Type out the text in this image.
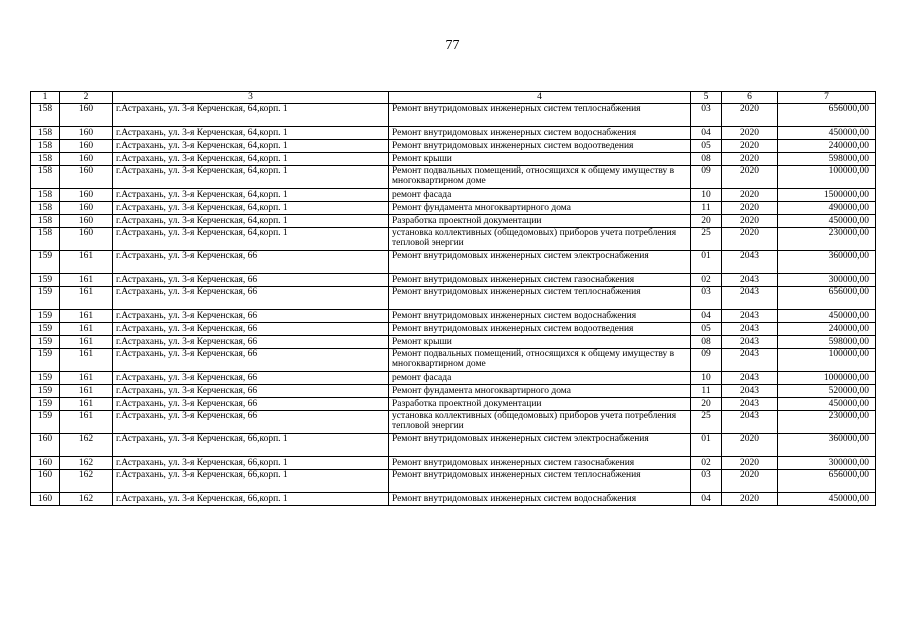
77
1	2	3	4	5	6	7
158	160	г.Астрахань, ул. 3-я Керченская, 64,корп. 1	Ремонт внутридомовых инженерных систем теплоснабжения	03	2020	656000,00
158	160	г.Астрахань, ул. 3-я Керченская, 64,корп. 1	Ремонт внутридомовых инженерных систем водоснабжения	04	2020	450000,00
158	160	г.Астрахань, ул. 3-я Керченская, 64,корп. 1	Ремонт внутридомовых инженерных систем водоотведения	05	2020	240000,00
158	160	г.Астрахань, ул. 3-я Керченская, 64,корп. 1	Ремонт крыши	08	2020	598000,00
158	160	г.Астрахань, ул. 3-я Керченская, 64,корп. 1	Ремонт подвальных помещений, относящихся к общему имуществу в многоквартирном доме	09	2020	100000,00
158	160	г.Астрахань, ул. 3-я Керченская, 64,корп. 1	ремонт фасада	10	2020	1500000,00
158	160	г.Астрахань, ул. 3-я Керченская, 64,корп. 1	Ремонт фундамента многоквартирного дома	11	2020	490000,00
158	160	г.Астрахань, ул. 3-я Керченская, 64,корп. 1	Разработка проектной документации	20	2020	450000,00
158	160	г.Астрахань, ул. 3-я Керченская, 64,корп. 1	установка коллективных (общедомовых) приборов учета потребления тепловой энергии	25	2020	230000,00
159	161	г.Астрахань, ул. 3-я Керченская, 66	Ремонт внутридомовых инженерных систем электроснабжения	01	2043	360000,00
159	161	г.Астрахань, ул. 3-я Керченская, 66	Ремонт внутридомовых инженерных систем газоснабжения	02	2043	300000,00
159	161	г.Астрахань, ул. 3-я Керченская, 66	Ремонт внутридомовых инженерных систем теплоснабжения	03	2043	656000,00
159	161	г.Астрахань, ул. 3-я Керченская, 66	Ремонт внутридомовых инженерных систем водоснабжения	04	2043	450000,00
159	161	г.Астрахань, ул. 3-я Керченская, 66	Ремонт внутридомовых инженерных систем водоотведения	05	2043	240000,00
159	161	г.Астрахань, ул. 3-я Керченская, 66	Ремонт крыши	08	2043	598000,00
159	161	г.Астрахань, ул. 3-я Керченская, 66	Ремонт подвальных помещений, относящихся к общему имуществу в многоквартирном доме	09	2043	100000,00
159	161	г.Астрахань, ул. 3-я Керченская, 66	ремонт фасада	10	2043	1000000,00
159	161	г.Астрахань, ул. 3-я Керченская, 66	Ремонт фундамента многоквартирного дома	11	2043	520000,00
159	161	г.Астрахань, ул. 3-я Керченская, 66	Разработка проектной документации	20	2043	450000,00
159	161	г.Астрахань, ул. 3-я Керченская, 66	установка коллективных (общедомовых) приборов учета потребления тепловой энергии	25	2043	230000,00
160	162	г.Астрахань, ул. 3-я Керченская, 66,корп. 1	Ремонт внутридомовых инженерных систем электроснабжения	01	2020	360000,00
160	162	г.Астрахань, ул. 3-я Керченская, 66,корп. 1	Ремонт внутридомовых инженерных систем газоснабжения	02	2020	300000,00
160	162	г.Астрахань, ул. 3-я Керченская, 66,корп. 1	Ремонт внутридомовых инженерных систем теплоснабжения	03	2020	656000,00
160	162	г.Астрахань, ул. 3-я Керченская, 66,корп. 1	Ремонт внутридомовых инженерных систем водоснабжения	04	2020	450000,00
